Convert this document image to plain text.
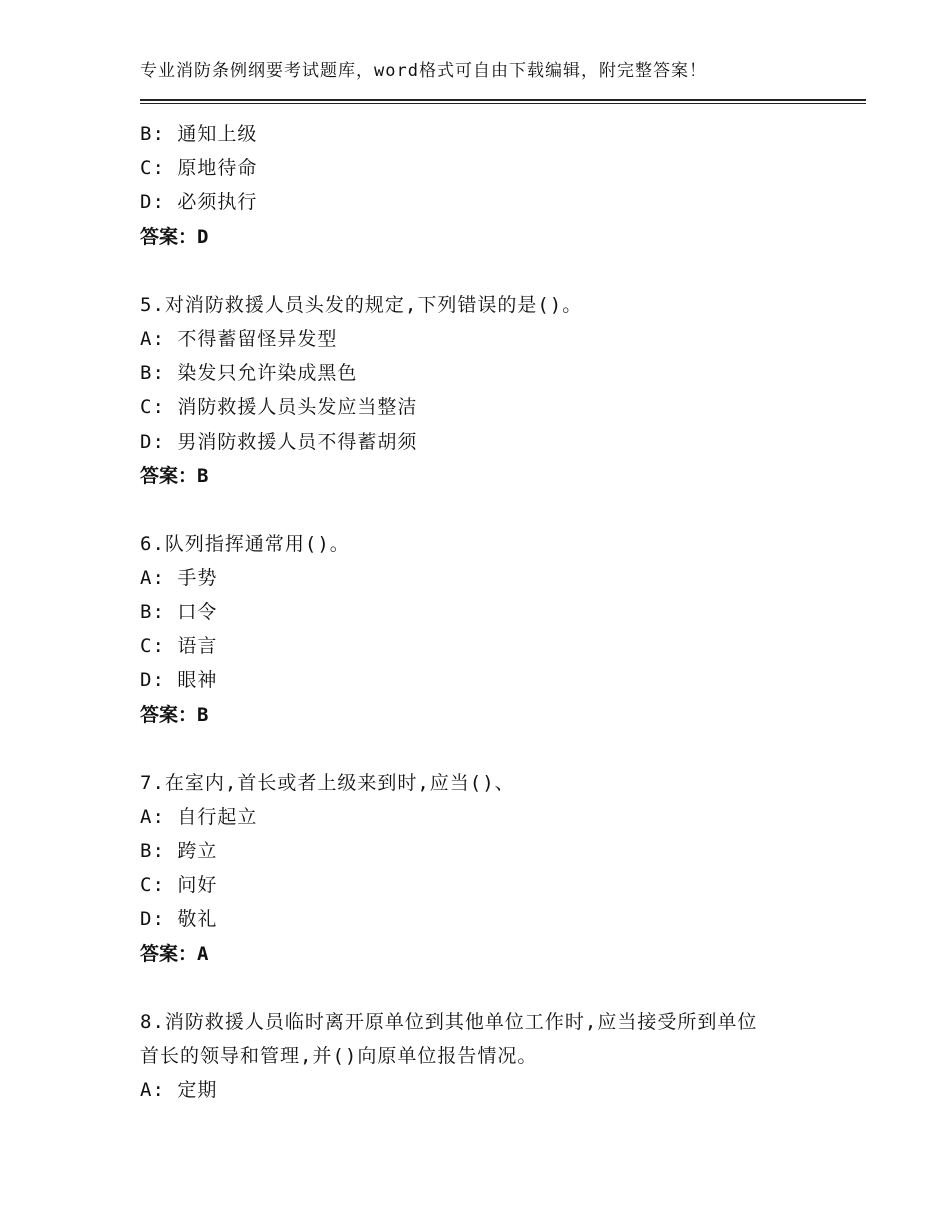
专业消防条例纲要考试题库，word格式可自由下载编辑，附完整答案！
B: 通知上级
C: 原地待命
D: 必须执行
答案：D
5.对消防救援人员头发的规定,下列错误的是()。
A: 不得蓄留怪异发型
B: 染发只允许染成黑色
C: 消防救援人员头发应当整洁
D: 男消防救援人员不得蓄胡须
答案：B
6.队列指挥通常用()。
A: 手势
B: 口令
C: 语言
D: 眼神
答案：B
7.在室内,首长或者上级来到时,应当()、
A: 自行起立
B: 跨立
C: 问好
D: 敬礼
答案：A
8.消防救援人员临时离开原单位到其他单位工作时,应当接受所到单位
首长的领导和管理,并()向原单位报告情况。
A: 定期
